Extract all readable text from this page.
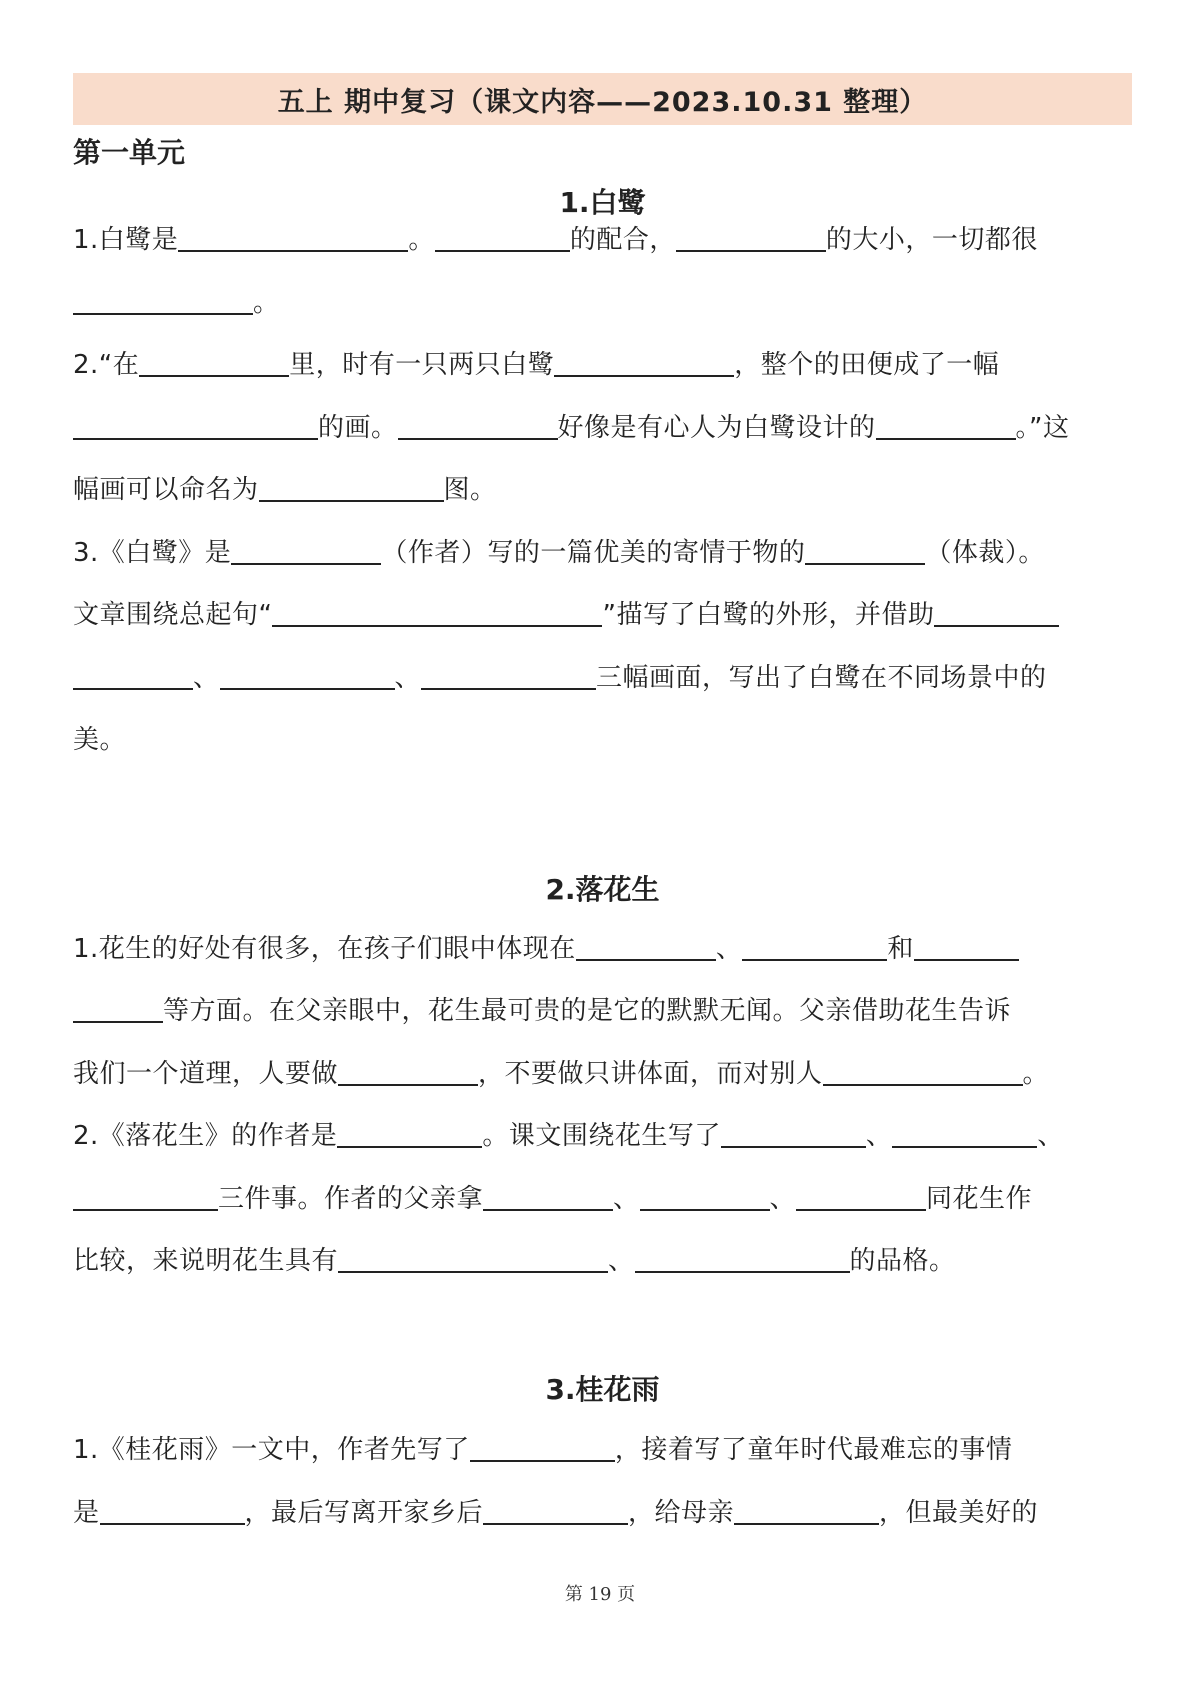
五上 期中复习（课文内容——2023.10.31 整理）
第一单元
1.白鹭
1.白鹭是	。	的配合，	的大小，一切都很
。
2.“在	里，时有一只两只白鹭	，整个的田便成了一幅
的画。	好像是有心人为白鹭设计的	。”这
幅画可以命名为	图。
3.《白鹭》是	（作者）写的一篇优美的寄情于物的	（体裁）。
文章围绕总起句“	”描写了白鹭的外形，并借助
、	、	三幅画面，写出了白鹭在不同场景中的
美。
2.落花生
1.花生的好处有很多，在孩子们眼中体现在	、	和
等方面。在父亲眼中，花生最可贵的是它的默默无闻。父亲借助花生告诉
我们一个道理，人要做	，不要做只讲体面，而对别人	。
2.《落花生》的作者是	。课文围绕花生写了	、	、
三件事。作者的父亲拿	、	、	同花生作
比较，来说明花生具有	、	的品格。
3.桂花雨
1.《桂花雨》一文中，作者先写了	，接着写了童年时代最难忘的事情
是	，最后写离开家乡后	，给母亲	，但最美好的
第 19 页
